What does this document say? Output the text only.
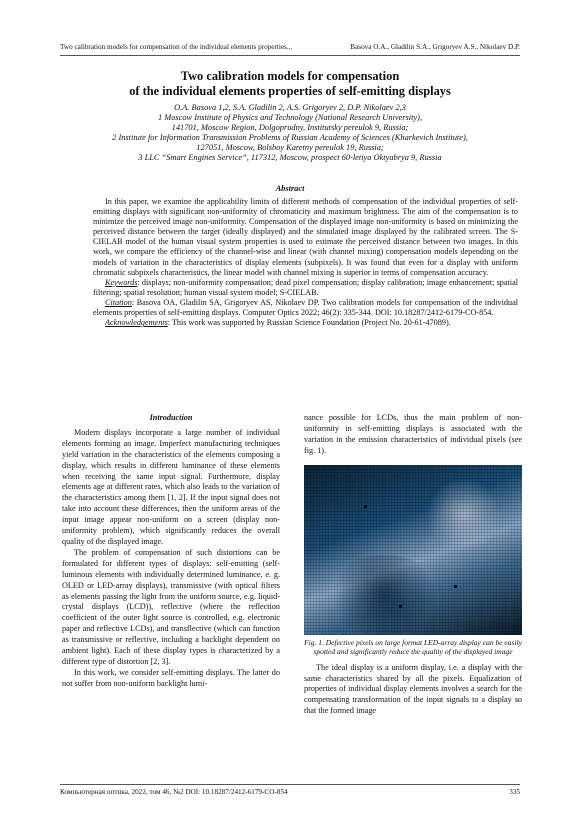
Two calibration models for compensation of the individual elements properties...	Basova O.A., Gladilin S.A., Grigoryev A.S., Nikolaev D.P.
Two calibration models for compensation
of the individual elements properties of self-emitting displays
O.A. Basova 1,2, S.A. Gladilin 2, A.S. Grigoryev 2, D.P. Nikolaev 2,3
1 Moscow Institute of Physics and Technology (National Research University),
141701, Moscow Region, Dolgoprudny, Institutsky pereulok 9, Russia;
2 Institute for Information Transmission Problems of Russian Academy of Sciences (Kharkevich Institute),
127051, Moscow, Bolshoy Karetny pereulok 19, Russia;
3 LLC “Smart Engines Service”, 117312, Moscow, prospect 60-letiya Oktyabrya 9, Russia
Abstract

In this paper, we examine the applicability limits of different methods of compensation of the individual properties of self-emitting displays with significant non-uniformity of chromaticity and maximum brightness. The aim of the compensation is to minimize the perceived image non-uniformity. Compensation of the displayed image non-uniformity is based on minimizing the perceived distance between the target (ideally displayed) and the simulated image displayed by the calibrated screen. The S-CIELAB model of the human visual system properties is used to estimate the perceived distance between two images. In this work, we compare the efficiency of the channel-wise and linear (with channel mixing) compensation models depending on the models of variation in the characteristics of display elements (subpixels). It was found that even for a display with uniform chromatic subpixels characteristics, the linear model with channel mixing is superior in terms of compensation accuracy.

Keywords: displays; non-uniformity compensation; dead pixel compensation; display calibration; image enhancement; spatial filtering; spatial resolution; human visual system model; S-CIELAB.

Citation: Basova OA, Gladilin SA, Grigoryev AS, Nikolaev DP. Two calibration models for compensation of the individual elements properties of self-emitting displays. Computer Optics 2022; 46(2): 335-344. DOI: 10.18287/2412-6179-CO-854.

Acknowledgements: This work was supported by Russian Science Foundation (Project No. 20-61-47089).

Introduction

Modern displays incorporate a large number of individual elements forming an image. Imperfect manufacturing techniques yield variation in the characteristics of the elements composing a display, which results in different luminance of these elements when receiving the same input signal. Furthermore, display elements age at different rates, which also leads to the variation of the characteristics among them [1, 2]. If the input signal does not take into account these differences, then the uniform areas of the input image appear non-uniform on a screen (display non-uniformity problem), which significantly reduces the overall quality of the displayed image.

The problem of compensation of such distortions can be formulated for different types of displays: self-emitting (self-luminous elements with individually determined luminance, e. g. OLED or LED-array displays), transmissive (with optical filters as elements passing the light from the uniform source, e.g. liquid-crystal displays (LCD)), reflective (where the reflection coefficient of the outer light source is controlled, e.g. electronic paper and reflective LCDs), and transflective (which can function as transmissive or reflective, including a backlight dependent on ambient light). Each of these display types is characterized by a different type of distortion [2, 3].

In this work, we consider self-emitting displays. The latter do not suffer from non-uniform backlight lumi-

nance possible for LCDs, thus the main problem of non-uniformity in self-emitting displays is associated with the variation in the emission characteristics of individual pixels (see fig. 1).

Fig. 1. Defective pixels on large format LED-array display can be easily spotted and significantly reduce the quality of the displayed image

The ideal display is a uniform display, i.e. a display with the same characteristics shared by all the pixels. Equalization of properties of individual display elements involves a search for the compensating transformation of the input signals to a display so that the formed image

Компьютерная оптика, 2022, том 46, №2 DOI: 10.18287/2412-6179-CO-854	335
